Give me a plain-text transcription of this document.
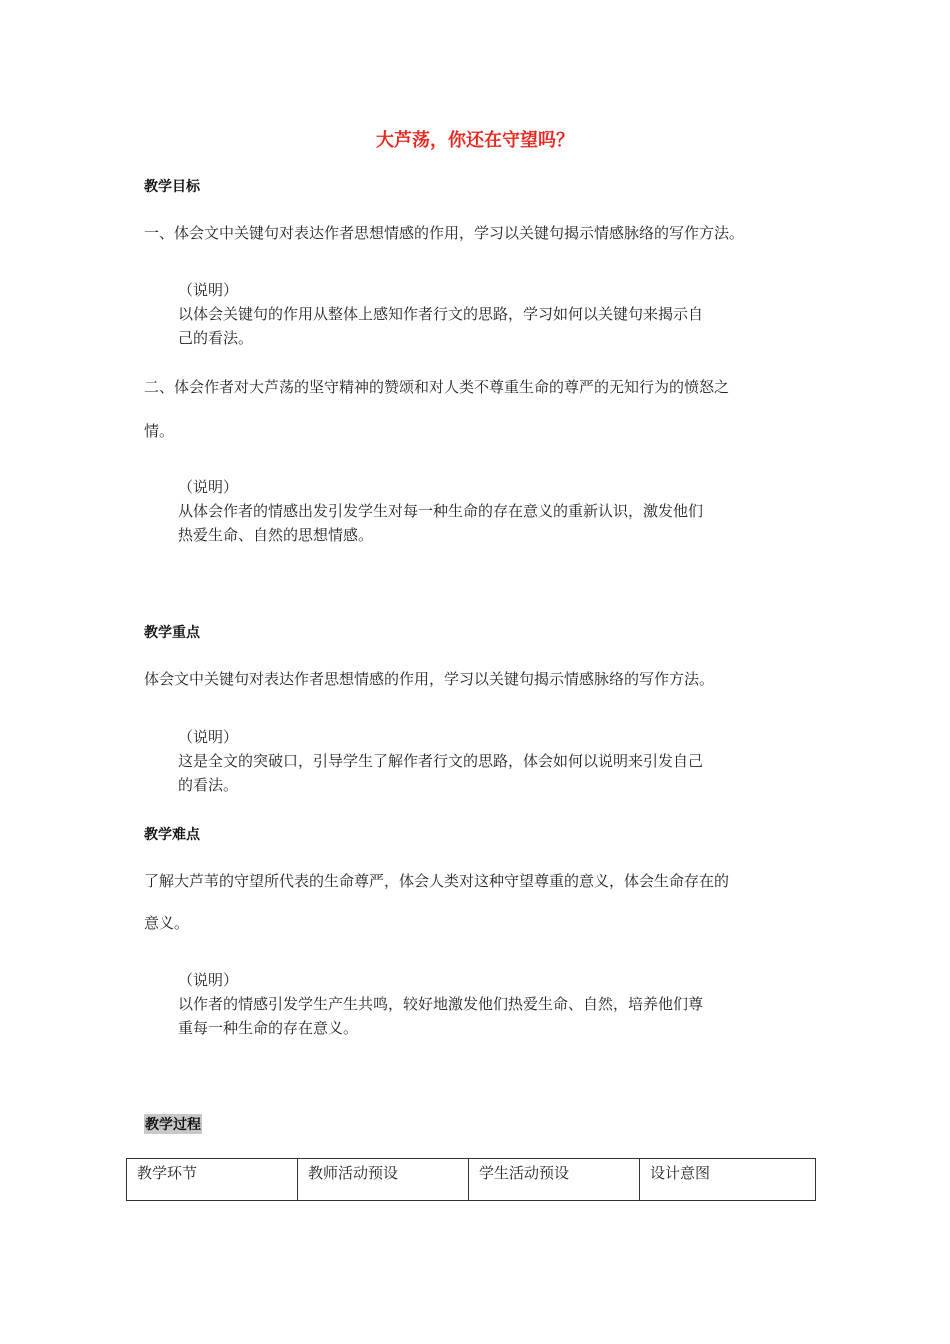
大芦荡，你还在守望吗？
教学目标
一、体会文中关键句对表达作者思想情感的作用，学习以关键句揭示情感脉络的写作方法。
（说明）
以体会关键句的作用从整体上感知作者行文的思路，学习如何以关键句来揭示自
己的看法。
二、体会作者对大芦荡的坚守精神的赞颂和对人类不尊重生命的尊严的无知行为的愤怒之
情。
（说明）
从体会作者的情感出发引发学生对每一种生命的存在意义的重新认识，激发他们
热爱生命、自然的思想情感。
教学重点
体会文中关键句对表达作者思想情感的作用，学习以关键句揭示情感脉络的写作方法。
（说明）
这是全文的突破口，引导学生了解作者行文的思路，体会如何以说明来引发自己
的看法。
教学难点
了解大芦苇的守望所代表的生命尊严，体会人类对这种守望尊重的意义，体会生命存在的
意义。
（说明）
以作者的情感引发学生产生共鸣，较好地激发他们热爱生命、自然，培养他们尊
重每一种生命的存在意义。
教学过程
教学环节	教师活动预设	学生活动预设	设计意图
